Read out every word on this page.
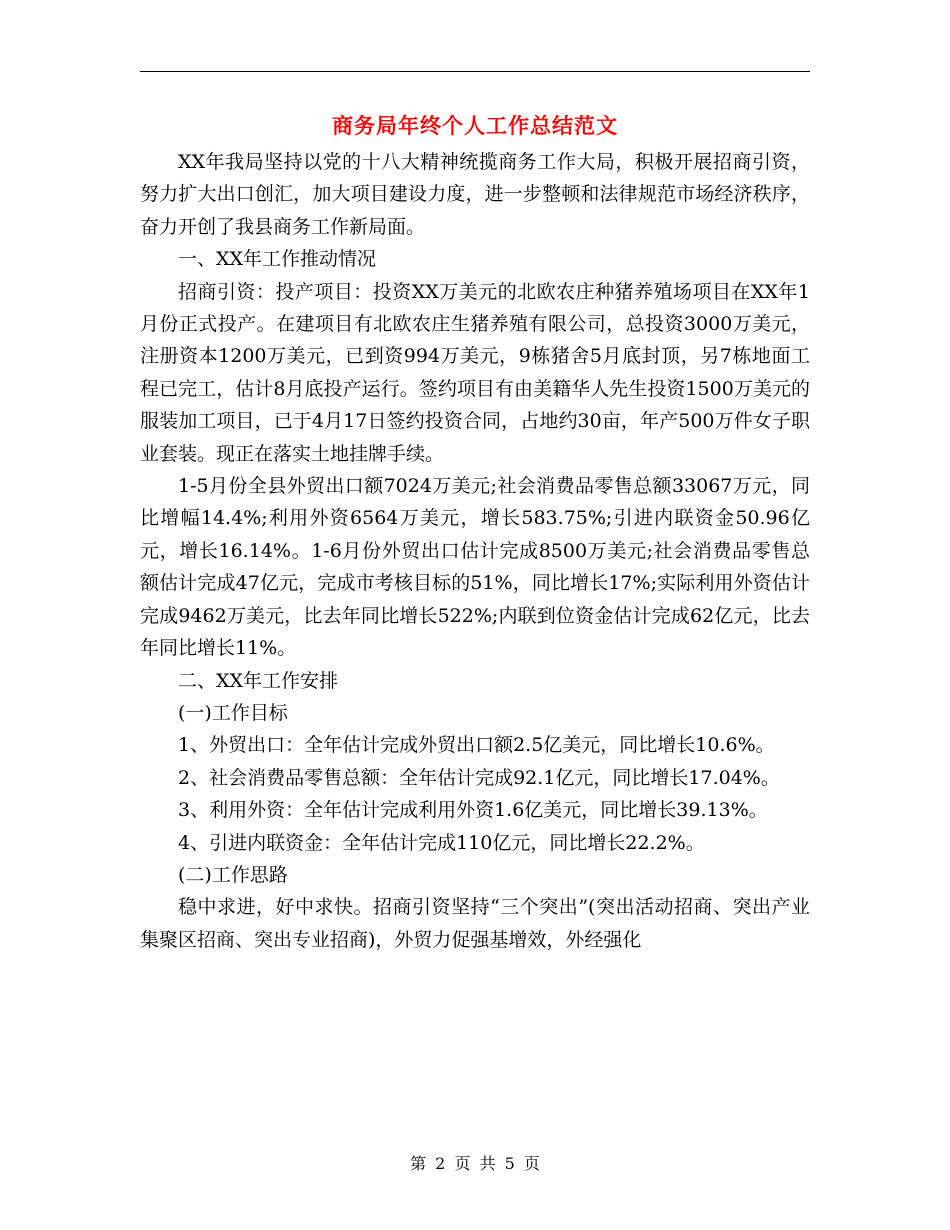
商务局年终个人工作总结范文

XX年我局坚持以党的十八大精神统揽商务工作大局，积极开展招商引资，努力扩大出口创汇，加大项目建设力度，进一步整顿和法律规范市场经济秩序，奋力开创了我县商务工作新局面。

一、XX年工作推动情况

招商引资：投产项目：投资XX万美元的北欧农庄种猪养殖场项目在XX年1月份正式投产。在建项目有北欧农庄生猪养殖有限公司，总投资3000万美元，注册资本1200万美元，已到资994万美元，9栋猪舍5月底封顶，另7栋地面工程已完工，估计8月底投产运行。签约项目有由美籍华人先生投资1500万美元的服装加工项目，已于4月17日签约投资合同，占地约30亩，年产500万件女子职业套装。现正在落实土地挂牌手续。

1-5月份全县外贸出口额7024万美元;社会消费品零售总额33067万元，同比增幅14.4%;利用外资6564万美元，增长583.75%;引进内联资金50.96亿元，增长16.14%。1-6月份外贸出口估计完成8500万美元;社会消费品零售总额估计完成47亿元，完成市考核目标的51%，同比增长17%;实际利用外资估计完成9462万美元，比去年同比增长522%;内联到位资金估计完成62亿元，比去年同比增长11%。

二、XX年工作安排

(一)工作目标

1、外贸出口：全年估计完成外贸出口额2.5亿美元，同比增长10.6%。

2、社会消费品零售总额：全年估计完成92.1亿元，同比增长17.04%。

3、利用外资：全年估计完成利用外资1.6亿美元，同比增长39.13%。

4、引进内联资金：全年估计完成110亿元，同比增长22.2%。

(二)工作思路

稳中求进，好中求快。招商引资坚持“三个突出”(突出活动招商、突出产业集聚区招商、突出专业招商)，外贸力促强基增效，外经强化

第 2 页 共 5 页
